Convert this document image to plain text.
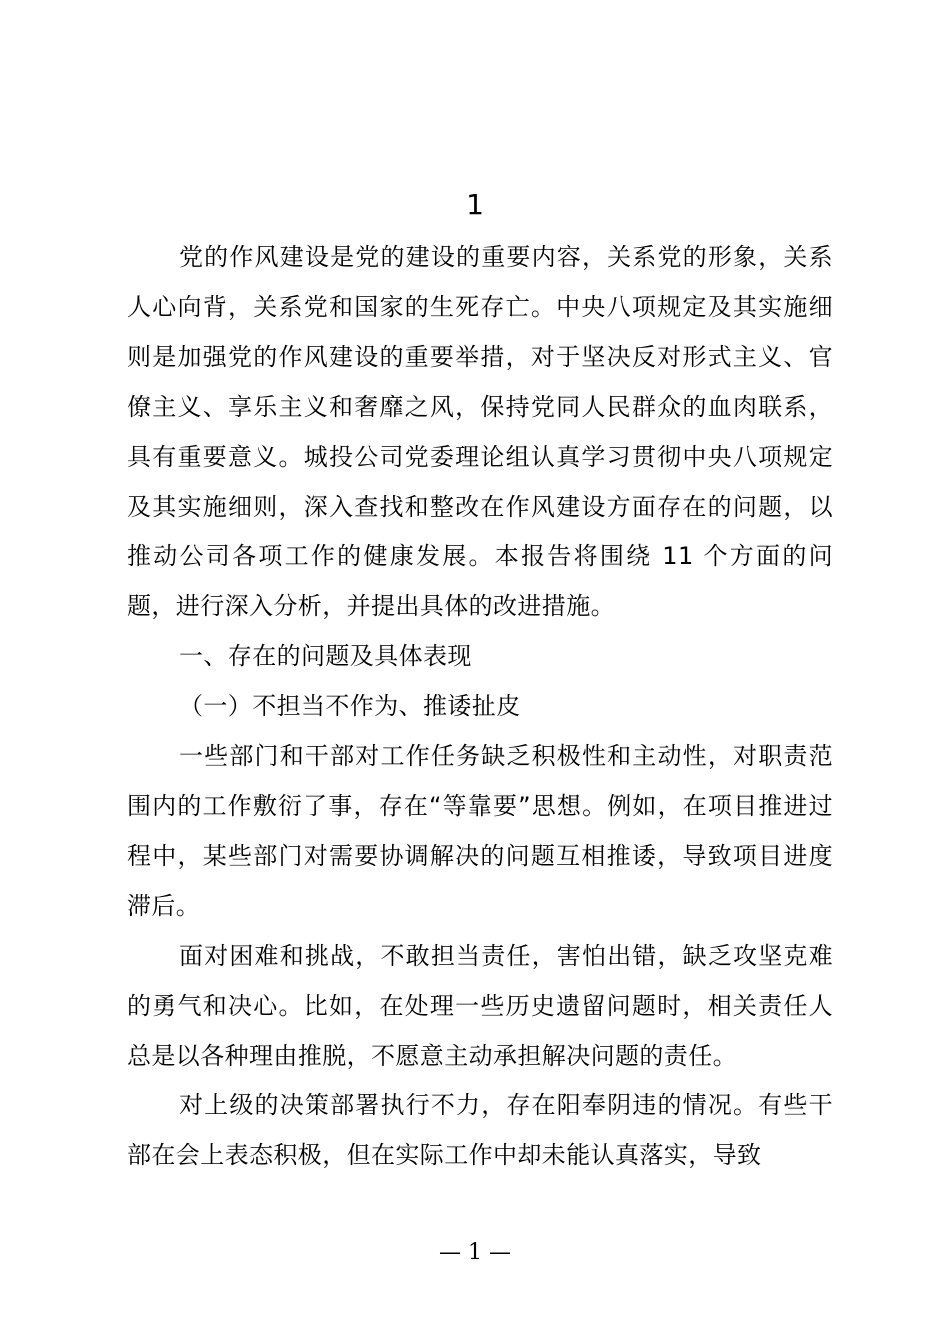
1

党的作风建设是党的建设的重要内容，关系党的形象，关系人心向背，关系党和国家的生死存亡。中央八项规定及其实施细则是加强党的作风建设的重要举措，对于坚决反对形式主义、官僚主义、享乐主义和奢靡之风，保持党同人民群众的血肉联系，具有重要意义。城投公司党委理论组认真学习贯彻中央八项规定及其实施细则，深入查找和整改在作风建设方面存在的问题，以推动公司各项工作的健康发展。本报告将围绕 11 个方面的问题，进行深入分析，并提出具体的改进措施。

一、存在的问题及具体表现

（一）不担当不作为、推诿扯皮

一些部门和干部对工作任务缺乏积极性和主动性，对职责范围内的工作敷衍了事，存在“等靠要”思想。例如，在项目推进过程中，某些部门对需要协调解决的问题互相推诿，导致项目进度滞后。

面对困难和挑战，不敢担当责任，害怕出错，缺乏攻坚克难的勇气和决心。比如，在处理一些历史遗留问题时，相关责任人总是以各种理由推脱，不愿意主动承担解决问题的责任。

对上级的决策部署执行不力，存在阳奉阴违的情况。有些干部在会上表态积极，但在实际工作中却未能认真落实，导致

— 1 —
